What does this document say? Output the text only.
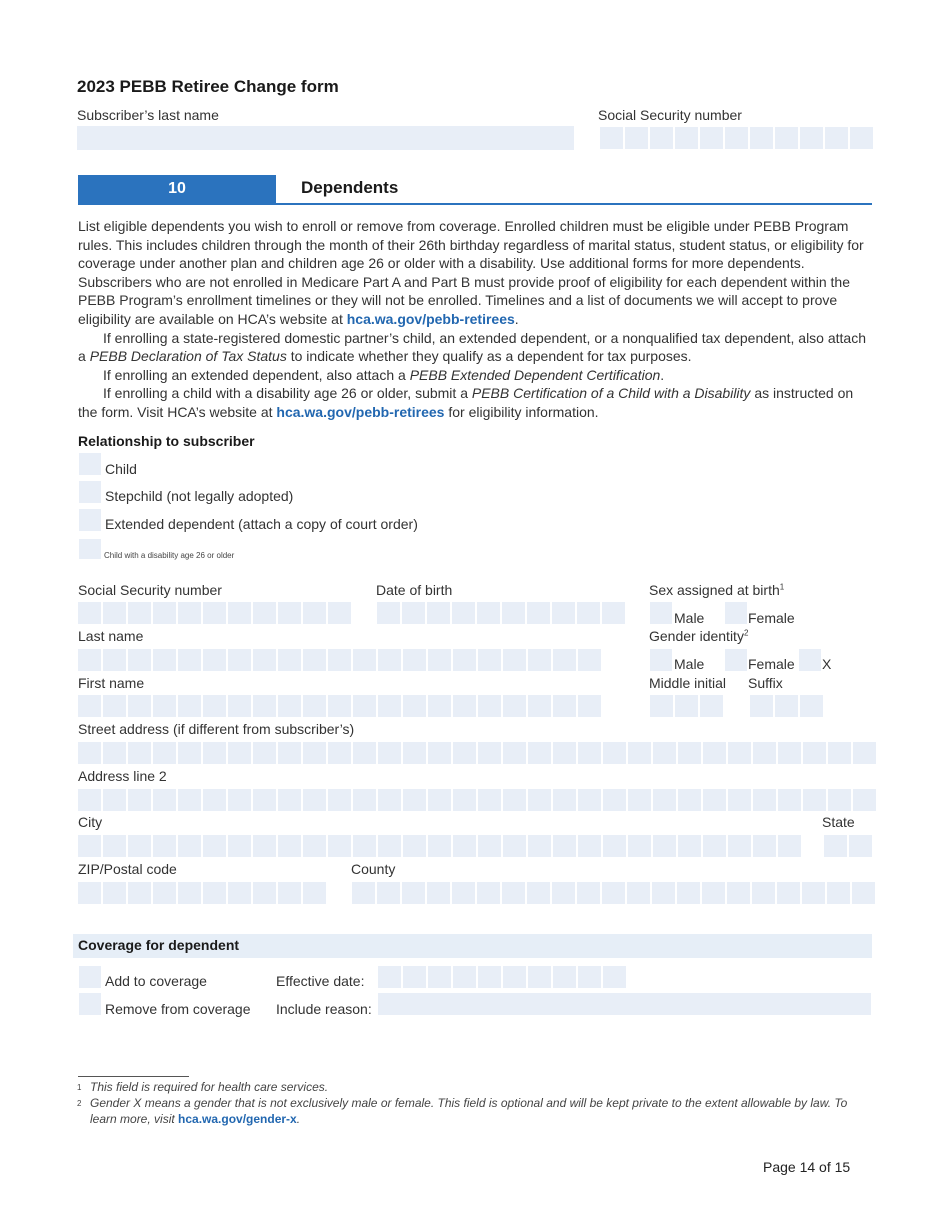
2023 PEBB Retiree Change form
Subscriber’s last name	Social Security number
10	Dependents

List eligible dependents you wish to enroll or remove from coverage. Enrolled children must be eligible under PEBB Program rules. This includes children through the month of their 26th birthday regardless of marital status, student status, or eligibility for coverage under another plan and children age 26 or older with a disability. Use additional forms for more dependents. Subscribers who are not enrolled in Medicare Part A and Part B must provide proof of eligibility for each dependent within the PEBB Program’s enrollment timelines or they will not be enrolled. Timelines and a list of documents we will accept to prove eligibility are available on HCA’s website at hca.wa.gov/pebb-retirees.

If enrolling a state-registered domestic partner’s child, an extended dependent, or a nonqualified tax dependent, also attach a PEBB Declaration of Tax Status to indicate whether they qualify as a dependent for tax purposes.

If enrolling an extended dependent, also attach a PEBB Extended Dependent Certification.

If enrolling a child with a disability age 26 or older, submit a PEBB Certification of a Child with a Disability as instructed on the form. Visit HCA’s website at hca.wa.gov/pebb-retirees for eligibility information.

Relationship to subscriber
Child
Stepchild (not legally adopted)
Extended dependent (attach a copy of court order)
Child with a disability age 26 or older
Social Security number	Date of birth	Sex assigned at birth$^1$
Male	Female
Last name	Gender identity$^2$
Male	Female X
First name	Middle initial Suffix
Street address (if different from subscriber’s)
Address line 2
City	State
ZIP/Postal code	County
Coverage for dependent
Add to coverage	Effective date:
Remove from coverage Include reason:
$^1$ This field is required for health care services.
$^2$ Gender X means a gender that is not exclusively male or female. This field is optional and will be kept private to the extent allowable by law. To learn more, visit hca.wa.gov/gender-x.
Page 14 of 15
